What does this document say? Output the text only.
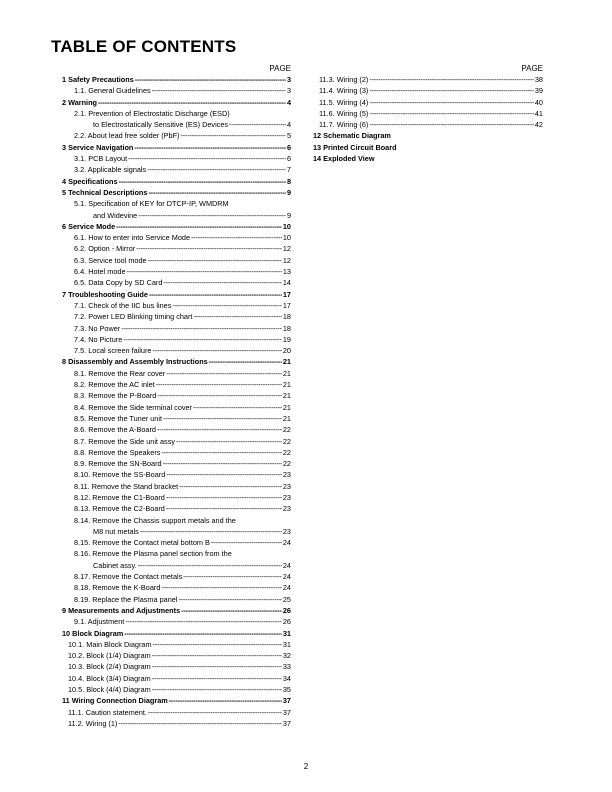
TABLE OF CONTENTS
PAGE
1 Safety Precautions -----	3
1.1. General Guidelines -----	3
2 Warning -----	4
2.1. Prevention of Electrostatic Discharge (ESD)
to Electrostatically Sensitive (ES) Devices -----	4
2.2. About lead free solder (PbF) -----	5
3 Service Navigation -----	6
3.1. PCB Layout -----	6
3.2. Applicable signals -----	7
4 Specifications -----	8
5 Technical Descriptions -----	9
5.1. Specification of KEY for DTCP-IP, WMDRM
and Widevine -----	9
6 Service Mode -----	10
6.1. How to enter into Service Mode -----	10
6.2. Option - Mirror -----	12
6.3. Service tool mode -----	12
6.4. Hotel mode -----	13
6.5. Data Copy by SD Card -----	14
7 Troubleshooting Guide -----	17
7.1. Check of the IIC bus lines -----	17
7.2. Power LED Blinking timing chart -----	18
7.3. No Power -----	18
7.4. No Picture -----	19
7.5. Local screen failure -----	20
8 Disassembly and Assembly Instructions -----	21
8.1. Remove the Rear cover -----	21
8.2. Remove the AC inlet -----	21
8.3. Remove the P-Board -----	21
8.4. Remove the Side terminal cover -----	21
8.5. Remove the Tuner unit -----	21
8.6. Remove the A-Board -----	22
8.7. Remove the Side unit assy -----	22
8.8. Remove the Speakers -----	22
8.9. Remove the SN-Board -----	22
8.10. Remove the SS-Board -----	23
8.11. Remove the Stand bracket -----	23
8.12. Remove the C1-Board -----	23
8.13. Remove the C2-Board -----	23
8.14. Remove the Chassis support metals and the
M8 nut metals -----	23
8.15. Remove the Contact metal bottom B -----	24
8.16. Remove the Plasma panel section from the
Cabinet assy. -----	24
8.17. Remove the Contact metals -----	24
8.18. Remove the K-Board -----	24
8.19. Replace the Plasma panel -----	25
9 Measurements and Adjustments -----	26
9.1. Adjustment -----	26
10 Block Diagram -----	31
10.1. Main Block Diagram -----	31
10.2. Block (1/4) Diagram -----	32
10.3. Block (2/4) Diagram -----	33
10.4. Block (3/4) Diagram -----	34
10.5. Block (4/4) Diagram -----	35
11 Wiring Connection Diagram -----	37
11.1. Caution statement. -----	37
11.2. Wiring (1) -----	37
PAGE
11.3. Wiring (2) -----	38
11.4. Wiring (3) -----	39
11.5. Wiring (4) -----	40
11.6. Wiring (5) -----	41
11.7. Wiring (6) -----	42
12 Schematic Diagram
13 Printed Circuit Board
14 Exploded View
2
